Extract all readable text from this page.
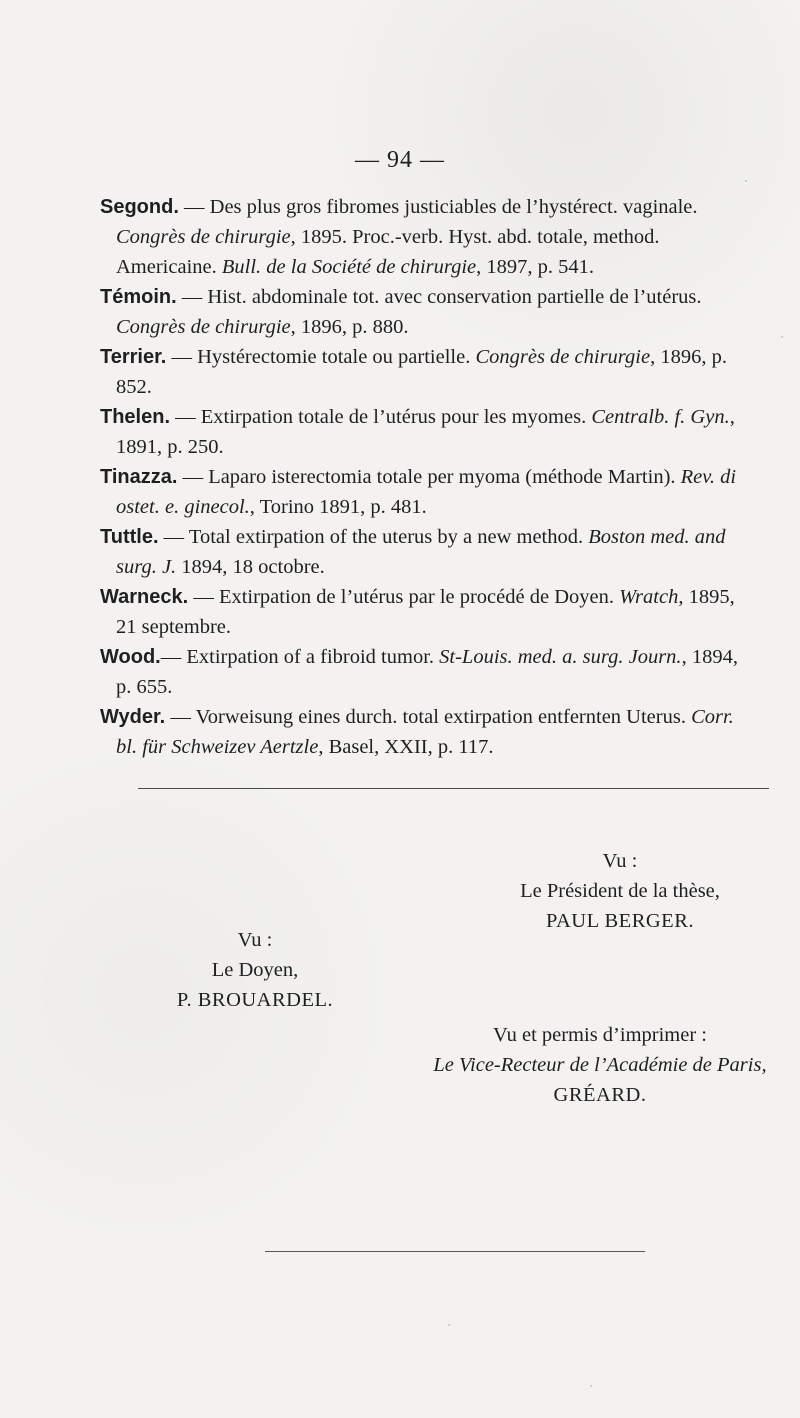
— 94 —

Segond. — Des plus gros fibromes justiciables de l’hystérect. vaginale. Congrès de chirurgie, 1895. Proc.-verb. Hyst. abd. totale, method. Americaine. Bull. de la Société de chirurgie, 1897, p. 541.

Témoin. — Hist. abdominale tot. avec conservation partielle de l’utérus. Congrès de chirurgie, 1896, p. 880.

Terrier. — Hystérectomie totale ou partielle. Congrès de chirurgie, 1896, p. 852.

Thelen. — Extirpation totale de l’utérus pour les myomes. Centralb. f. Gyn., 1891, p. 250.

Tinazza. — Laparo isterectomia totale per myoma (méthode Martin). Rev. di ostet. e. ginecol., Torino 1891, p. 481.

Tuttle. — Total extirpation of the uterus by a new method. Boston med. and surg. J. 1894, 18 octobre.

Warneck. — Extirpation de l’utérus par le procédé de Doyen. Wratch, 1895, 21 septembre.

Wood.— Extirpation of a fibroid tumor. St-Louis. med. a. surg. Journ., 1894, p. 655.

Wyder. — Vorweisung eines durch. total extirpation entfernten Uterus. Corr. bl. für Schweizev Aertzle, Basel, XXII, p. 117.

Vu :
Le Président de la thèse,
PAUL BERGER.
Vu :
Le Doyen,
P. BROUARDEL.
Vu et permis d’imprimer :
Le Vice-Recteur de l’Académie de Paris,
GRÉARD.
